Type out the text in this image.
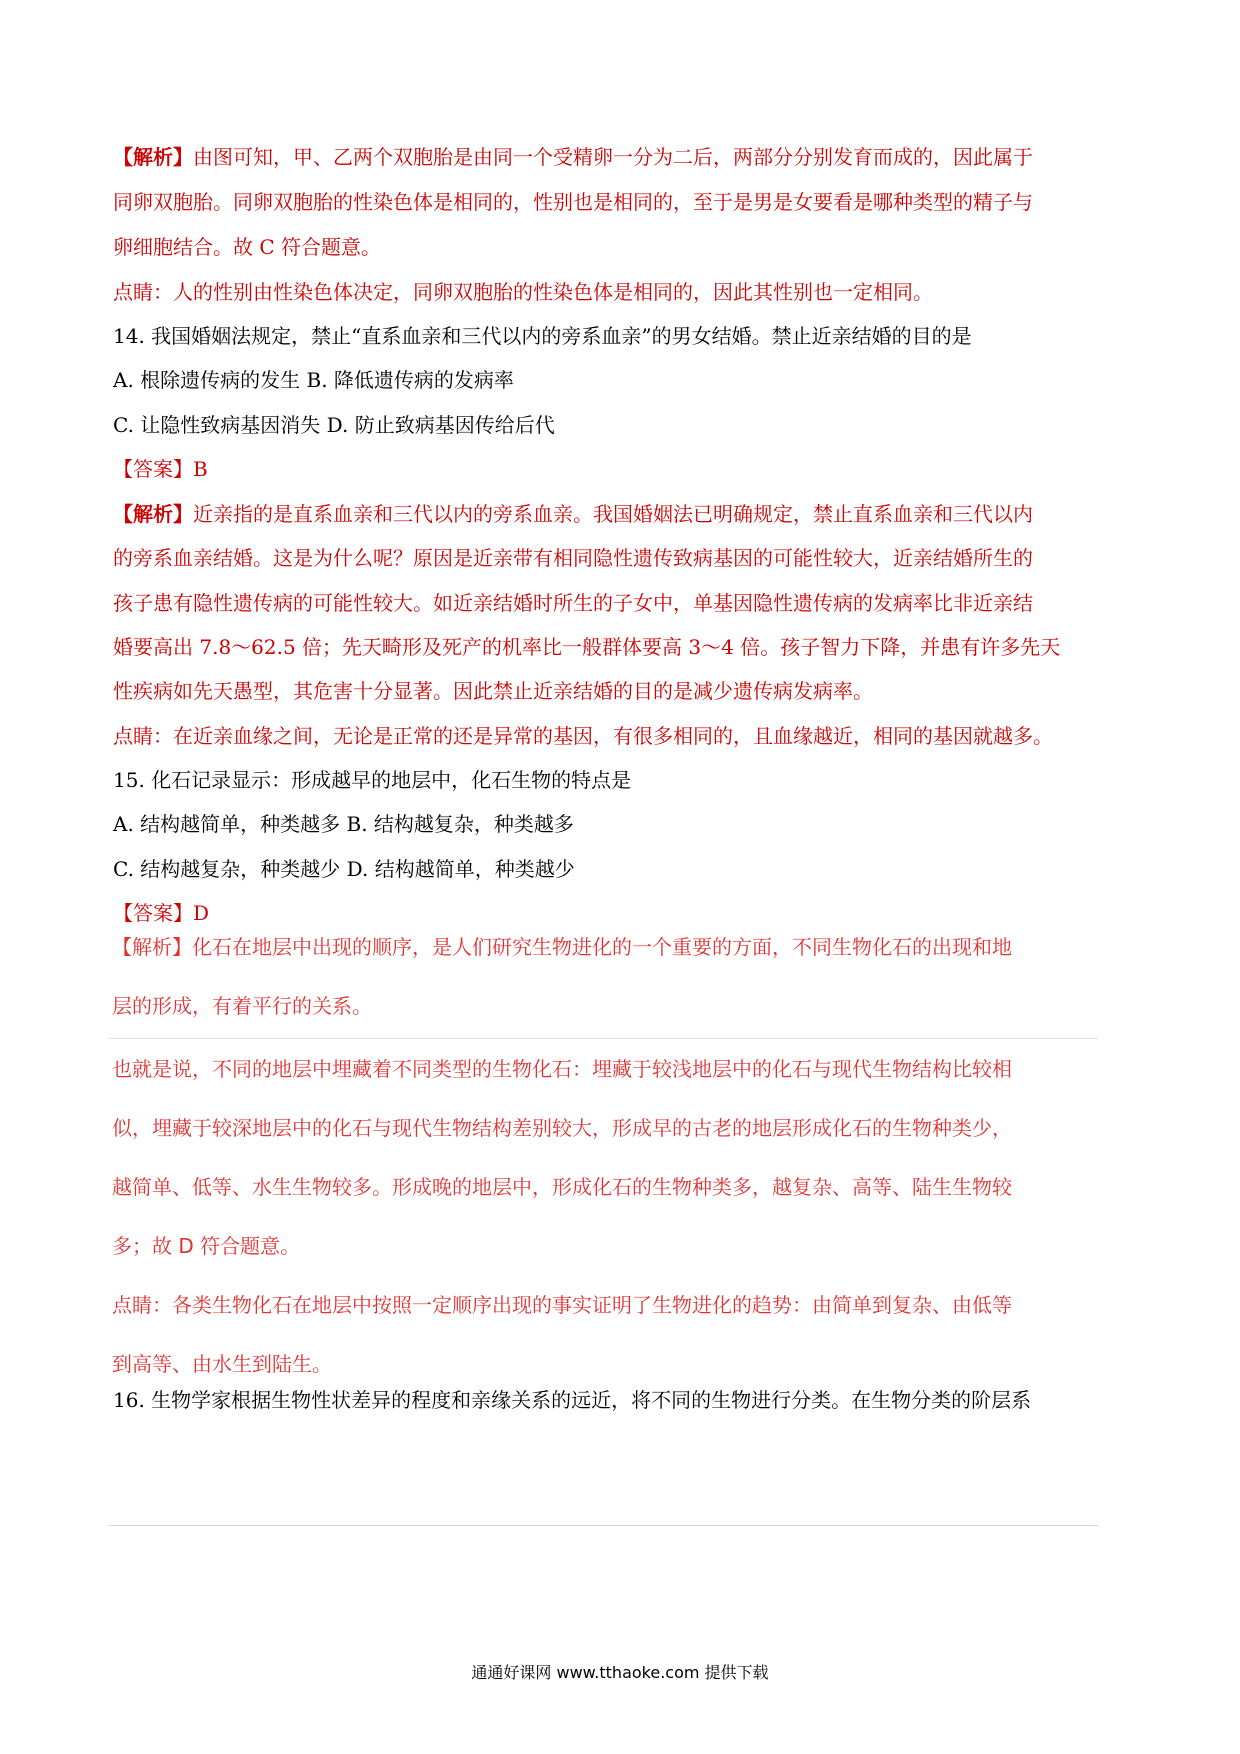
【解析】由图可知，甲、乙两个双胞胎是由同一个受精卵一分为二后，两部分分别发育而成的，因此属于
同卵双胞胎。同卵双胞胎的性染色体是相同的，性别也是相同的，至于是男是女要看是哪种类型的精子与
卵细胞结合。故 C 符合题意。
点睛：人的性别由性染色体决定，同卵双胞胎的性染色体是相同的，因此其性别也一定相同。
14. 我国婚姻法规定，禁止“直系血亲和三代以内的旁系血亲”的男女结婚。禁止近亲结婚的目的是
A. 根除遗传病的发生 B. 降低遗传病的发病率
C. 让隐性致病基因消失 D. 防止致病基因传给后代
【答案】B
【解析】近亲指的是直系血亲和三代以内的旁系血亲。我国婚姻法已明确规定，禁止直系血亲和三代以内
的旁系血亲结婚。这是为什么呢？原因是近亲带有相同隐性遗传致病基因的可能性较大，近亲结婚所生的
孩子患有隐性遗传病的可能性较大。如近亲结婚时所生的子女中，单基因隐性遗传病的发病率比非近亲结
婚要高出 7.8～62.5 倍；先天畸形及死产的机率比一般群体要高 3～4 倍。孩子智力下降，并患有许多先天
性疾病如先天愚型，其危害十分显著。因此禁止近亲结婚的目的是减少遗传病发病率。
点睛：在近亲血缘之间，无论是正常的还是异常的基因，有很多相同的，且血缘越近，相同的基因就越多。
15. 化石记录显示：形成越早的地层中，化石生物的特点是
A. 结构越简单，种类越多 B. 结构越复杂，种类越多
C. 结构越复杂，种类越少 D. 结构越简单，种类越少
【答案】D
【解析】化石在地层中出现的顺序，是人们研究生物进化的一个重要的方面，不同生物化石的出现和地
层的形成，有着平行的关系。
也就是说，不同的地层中埋藏着不同类型的生物化石：埋藏于较浅地层中的化石与现代生物结构比较相
似，埋藏于较深地层中的化石与现代生物结构差别较大，形成早的古老的地层形成化石的生物种类少，
越简单、低等、水生生物较多。形成晚的地层中，形成化石的生物种类多，越复杂、高等、陆生生物较
多；故 D 符合题意。
点睛：各类生物化石在地层中按照一定顺序出现的事实证明了生物进化的趋势：由简单到复杂、由低等
到高等、由水生到陆生。
16. 生物学家根据生物性状差异的程度和亲缘关系的远近，将不同的生物进行分类。在生物分类的阶层系
通通好课网 www.tthaoke.com 提供下载
